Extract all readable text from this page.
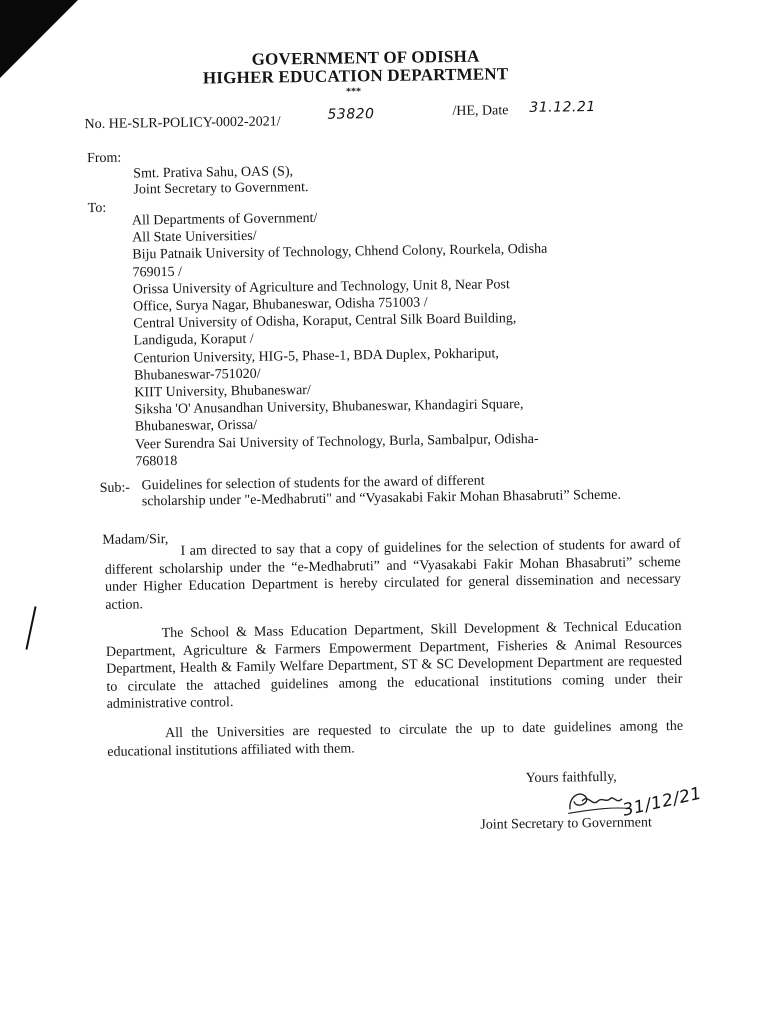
GOVERNMENT OF ODISHA
HIGHER EDUCATION DEPARTMENT
***
No. HE-SLR-POLICY-0002-2021/	53820	/HE, Date 31.12.21
From:
Smt. Prativa Sahu, OAS (S),
Joint Secretary to Government.
To:
All Departments of Government/
All State Universities/
Biju Patnaik University of Technology, Chhend Colony, Rourkela, Odisha
769015 /
Orissa University of Agriculture and Technology, Unit 8, Near Post
Office, Surya Nagar, Bhubaneswar, Odisha 751003 /
Central University of Odisha, Koraput, Central Silk Board Building,
Landiguda, Koraput /
Centurion University, HIG-5, Phase-1, BDA Duplex, Pokhariput,
Bhubaneswar-751020/
KIIT University, Bhubaneswar/
Siksha 'O' Anusandhan University, Bhubaneswar, Khandagiri Square,
Bhubaneswar, Orissa/
Veer Surendra Sai University of Technology, Burla, Sambalpur, Odisha-
768018
Sub:- Guidelines for selection of students for the award of different
scholarship under "e-Medhabruti" and “Vyasakabi Fakir Mohan Bhasabruti” Scheme.
Madam/Sir, I am directed to say that a copy of guidelines for the selection of students for award of different scholarship under the “e-Medhabruti” and “Vyasakabi Fakir Mohan Bhasabruti” scheme under Higher Education Department is hereby circulated for general dissemination and necessary action.
The School & Mass Education Department, Skill Development & Technical Education Department, Agriculture & Farmers Empowerment Department, Fisheries & Animal Resources Department, Health & Family Welfare Department, ST & SC Development Department are requested to circulate the attached guidelines among the educational institutions coming under their administrative control.
All the Universities are requested to circulate the up to date guidelines among the educational institutions affiliated with them.
Yours faithfully,
31/12/21
Joint Secretary to Government
